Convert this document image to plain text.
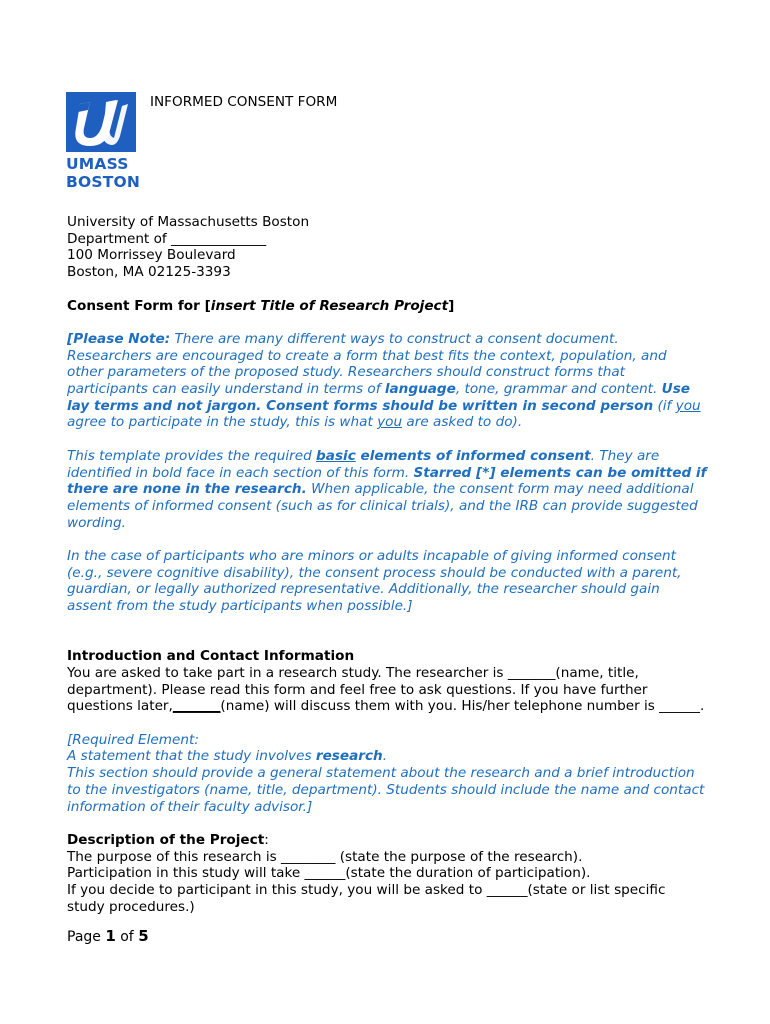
UMASS
BOSTON
INFORMED CONSENT FORM

University of Massachusetts Boston

Department of ______________

100 Morrissey Boulevard

Boston, MA 02125-3393

Consent Form for [insert Title of Research Project]

[Please Note: There are many different ways to construct a consent document. Researchers are encouraged to create a form that best fits the context, population, and other parameters of the proposed study. Researchers should construct forms that participants can easily understand in terms of language, tone, grammar and content. Use lay terms and not jargon. Consent forms should be written in second person (if you agree to participate in the study, this is what you are asked to do).

This template provides the required basic elements of informed consent. They are identified in bold face in each section of this form. Starred [*] elements can be omitted if there are none in the research. When applicable, the consent form may need additional elements of informed consent (such as for clinical trials), and the IRB can provide suggested wording.

In the case of participants who are minors or adults incapable of giving informed consent (e.g., severe cognitive disability), the consent process should be conducted with a parent, guardian, or legally authorized representative. Additionally, the researcher should gain assent from the study participants when possible.]

Introduction and Contact Information

You are asked to take part in a research study. The researcher is _______(name, title, department). Please read this form and feel free to ask questions. If you have further questions later,_______(name) will discuss them with you. His/her telephone number is ______.

[Required Element:

A statement that the study involves research.

This section should provide a general statement about the research and a brief introduction to the investigators (name, title, department). Students should include the name and contact information of their faculty advisor.]

Description of the Project:

The purpose of this research is ________ (state the purpose of the research).

Participation in this study will take ______(state the duration of participation).

If you decide to participant in this study, you will be asked to ______(state or list specific study procedures.)

Page 1 of 5
